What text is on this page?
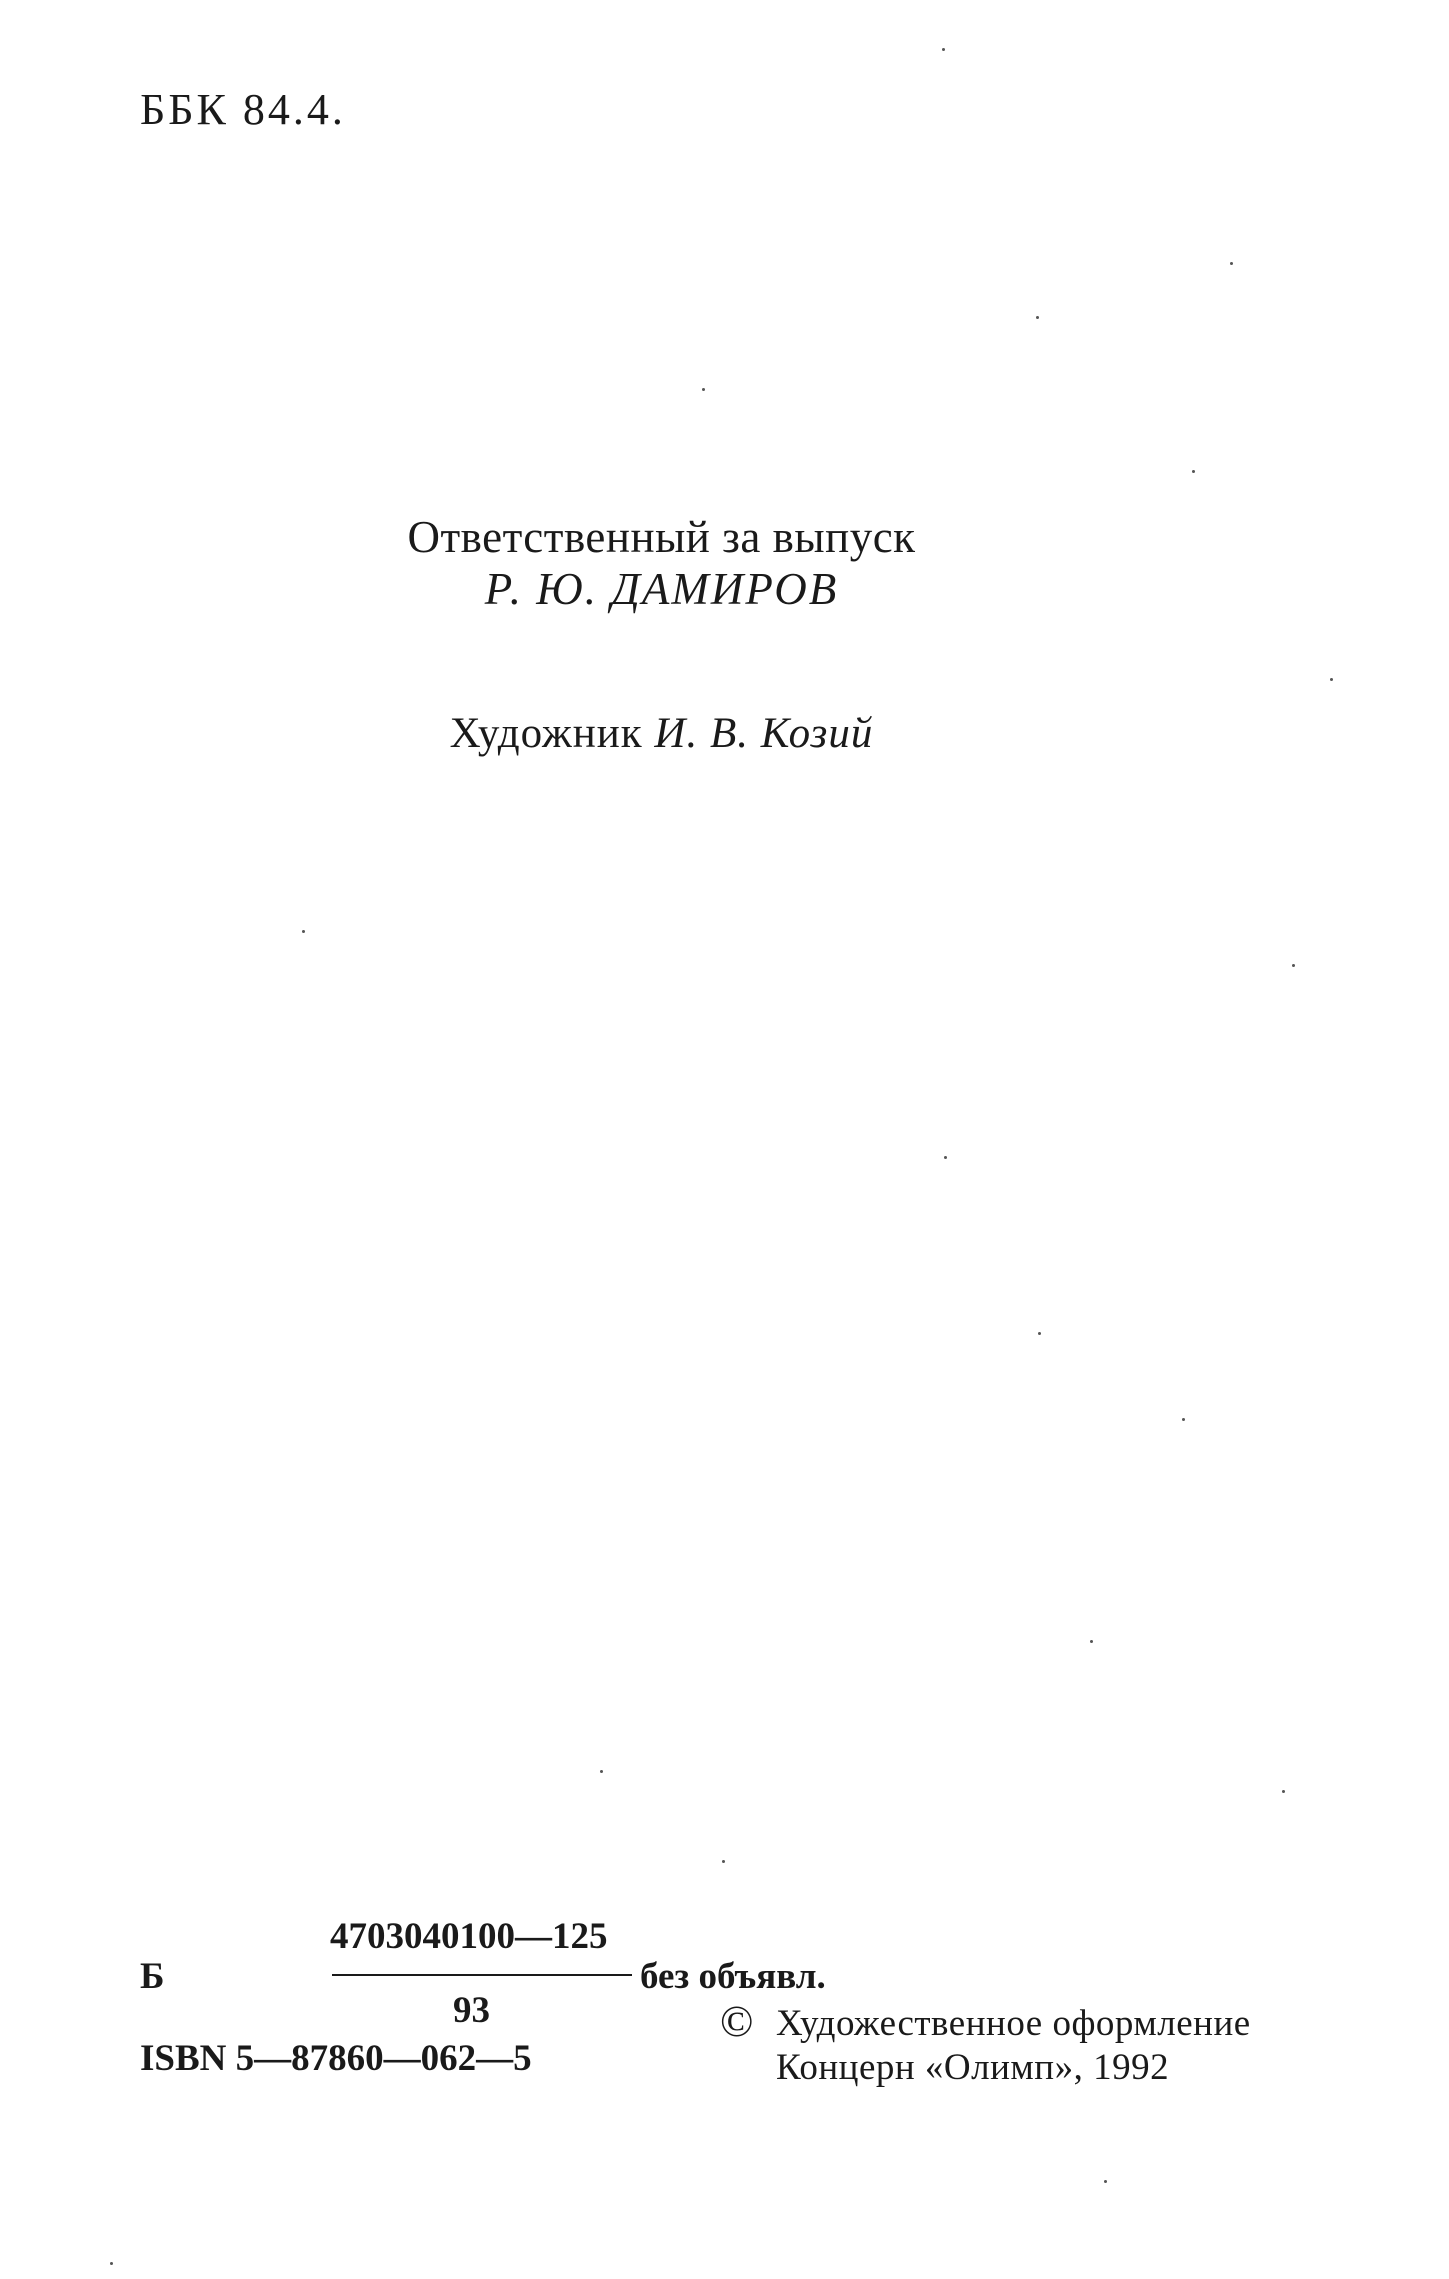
ББК 84.4.
Ответственный за выпуск
Р. Ю. ДАМИРОВ
Художник И. В. Козий
Б
4703040100—125
93
без объявл.
ISBN 5—87860—062—5
© Художественное оформление
Концерн «Олимп», 1992
